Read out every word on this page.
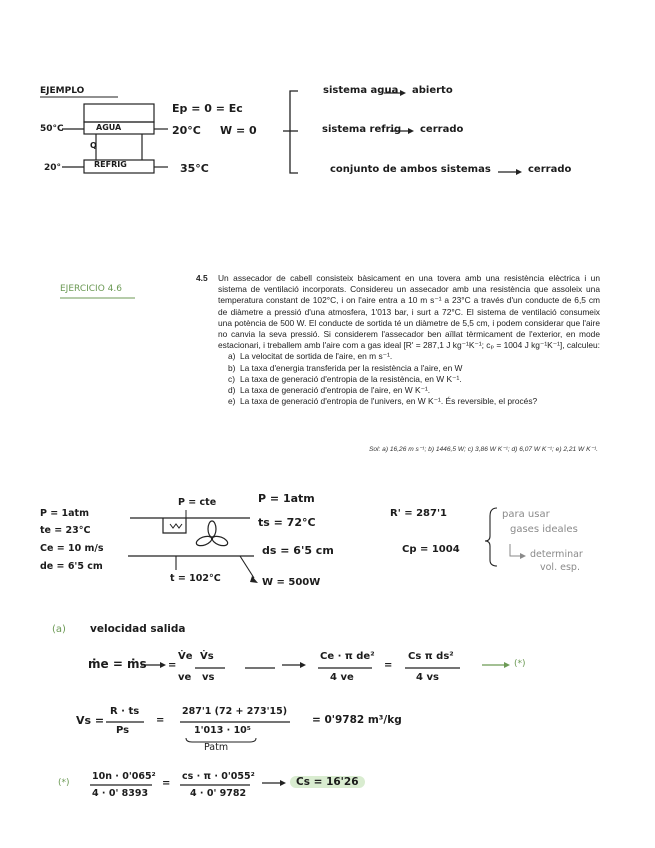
EJEMPLO
AGUA
Q
REFRIG
50°C
20°
20°C
35°C
Ep = 0 = Ec
W = 0
sistema agua abierto
sistema refrig cerrado
conjunto de ambos sistemas	cerrado
EJERCICIO 4.6
4.5 Un assecador de cabell consisteix bàsicament en una tovera amb una resistència elèctrica i un sistema de ventilació incorporats. Considereu un assecador amb una resistència que assoleix una temperatura constant de 102°C, i on l'aire entra a 10 m s⁻¹ a 23°C a través d'un conducte de 6,5 cm de diàmetre a pressió d'una atmosfera, 1'013 bar, i surt a 72°C. El sistema de ventilació consumeix una potència de 500 W. El conducte de sortida té un diàmetre de 5,5 cm, i podem considerar que l'aire no canvia la seva pressió. Si considerem l'assecador ben aïllat tèrmicament de l'exterior, en mode estacionari, i treballem amb l'aire com a gas ideal [R' = 287,1 J kg⁻¹K⁻¹; cₚ = 1004 J kg⁻¹K⁻¹], calculeu:
a) La velocitat de sortida de l'aire, en m s⁻¹.
b) La taxa d'energia transferida per la resistència a l'aire, en W
c) La taxa de generació d'entropia de la resistència, en W K⁻¹.
d) La taxa de generació d'entropia de l'aire, en W K⁻¹.
e) La taxa de generació d'entropia de l'univers, en W K⁻¹. És reversible, el procés?
Sol: a) 16,26 m s⁻¹; b) 1446,5 W; c) 3,86 W K⁻¹; d) 6,07 W K⁻¹; e) 2,21 W K⁻¹.
P = 1atm
te = 23°C
Ce = 10 m/s
de = 6'5 cm
P = cte
t = 102°C
P = 1atm
ts = 72°C
ds = 6'5 cm
W = 500W
R' = 287'1
Cp = 1004
para usar
gases ideales
determinar
vol. esp.
(a) velocidad salida
ṁe = ṁs
V̇e
ve
=
V̇s
vs
Ce · π de²
4 ve
=
Cs π ds²
4 vs
(*)
Vs =
R · ts
Ps
=
287'1 (72 + 273'15)
1'013 · 10⁵
Patm
= 0'9782 m³/kg
(*)
10n · 0'065²
4 · 0' 8393
=
cs · π · 0'055²
4 · 0' 9782
Cs = 16'26
